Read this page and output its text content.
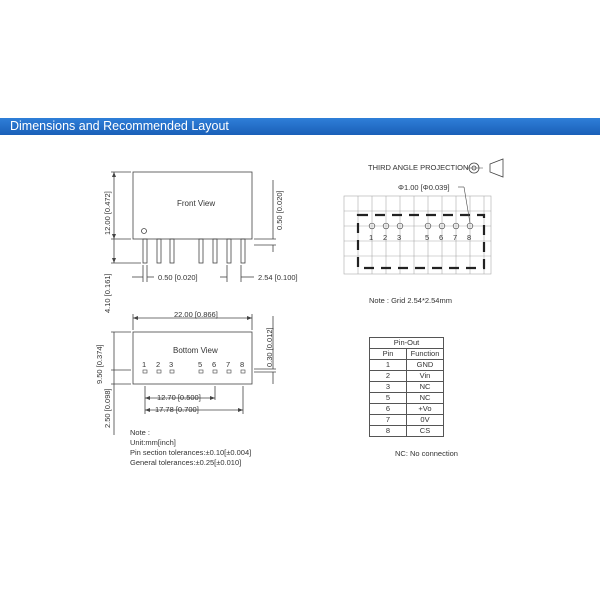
Dimensions and Recommended Layout
Front View
12.00 [0.472]
4.10 [0.161]
0.50 [0.020]
0.50 [0.020]	2.54 [0.100]
22.00 [0.866]
Bottom View
9.50 [0.374]
2.50 [0.098]
0.30 [0.012]
12.70 [0.500]
17.78 [0.700]
1 2 3	5 6 7 8
Note :
Unit:mm[inch]
Pin section tolerances:±0.10[±0.004]
General tolerances:±0.25[±0.010]
THIRD ANGLE PROJECTION
Φ1.00 [Φ0.039]
1 2 3	5 6 7 8
Note : Grid 2.54*2.54mm
Pin-Out	
Pin	Function
1	GND
2	Vin
3	NC
5	NC
6	+Vo
7	0V
8	CS
NC: No connection
